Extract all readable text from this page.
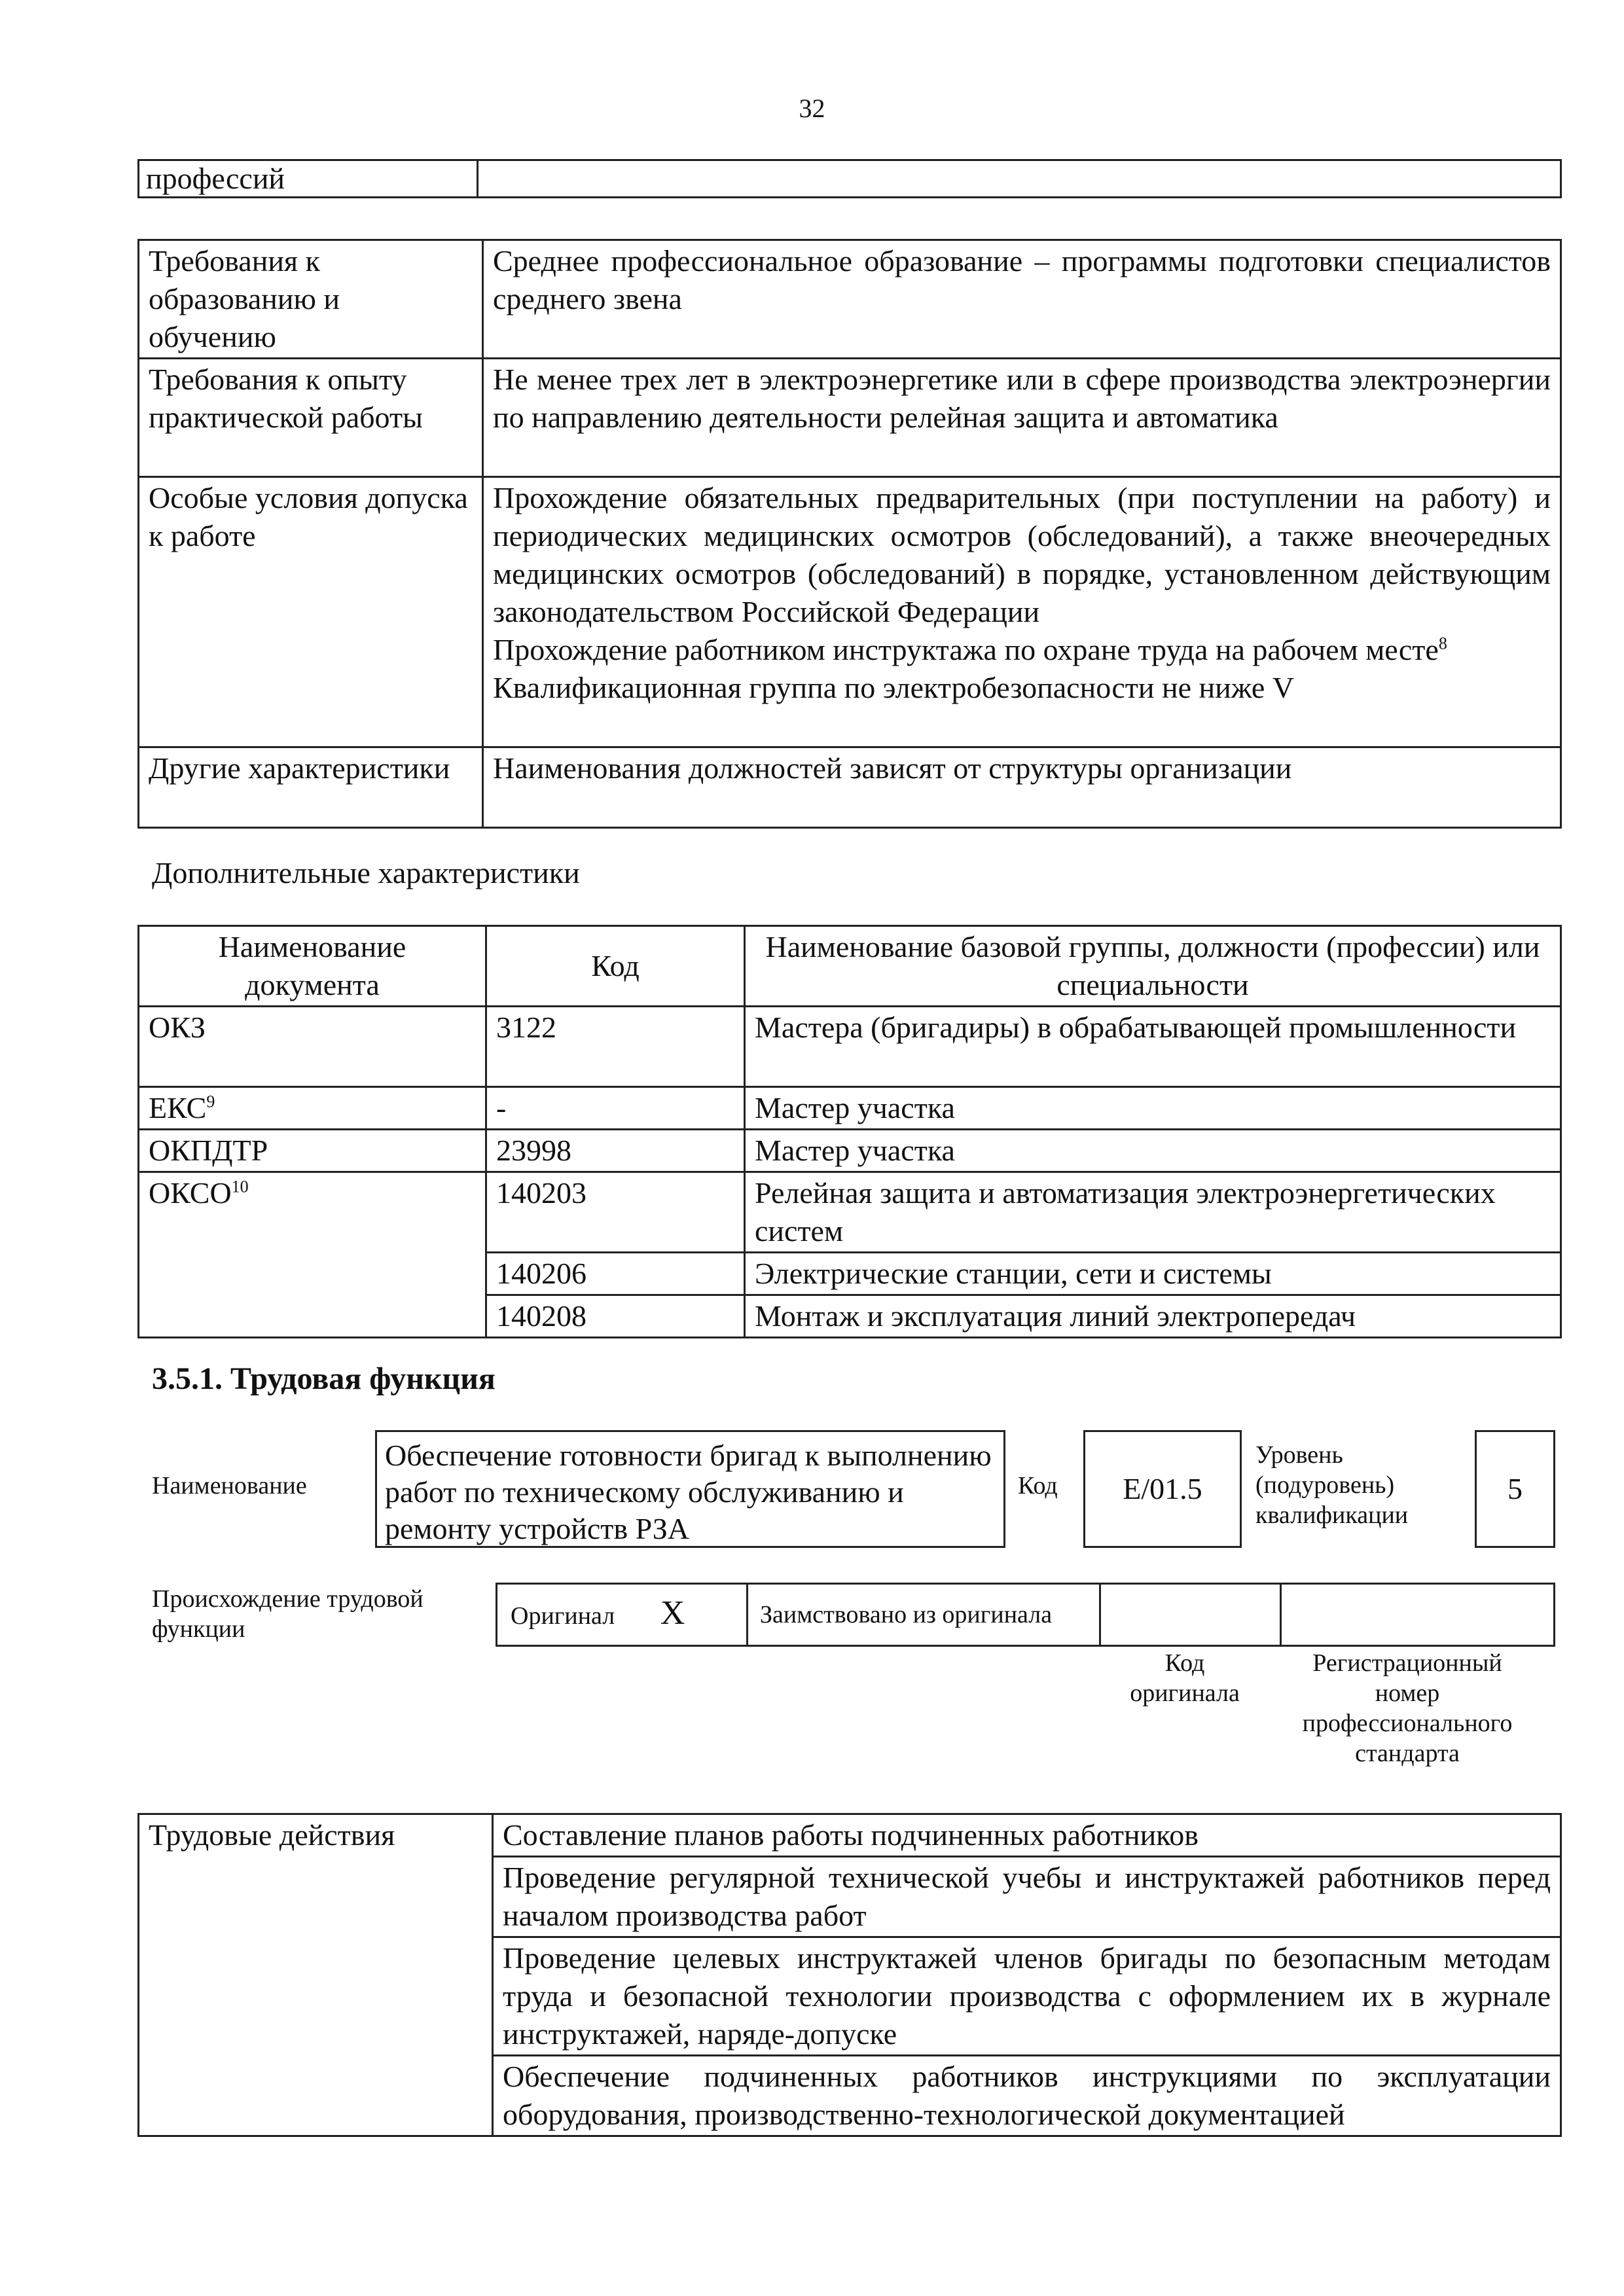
32
профессий	
Требования к образованию и обучению	Среднее профессиональное образование – программы подготовки специалистов среднего звена
Требования к опыту практической работы	Не менее трех лет в электроэнергетике или в сфере производства электроэнергии по направлению деятельности релейная защита и автоматика
Особые условия допуска к работе	Прохождение обязательных предварительных (при поступлении на работу) и периодических медицинских осмотров (обследований), а также внеочередных медицинских осмотров (обследований) в порядке, установленном действующим законодательством Российской Федерации

Прохождение работником инструктажа по охране труда на рабочем месте$^8$

Квалификационная группа по электробезопасности не ниже V

Другие характеристики	Наименования должностей зависят от структуры организации
Дополнительные характеристики
Наименование документа	Код	Наименование базовой группы, должности (профессии) или специальности
ОКЗ	3122	Мастера (бригадиры) в обрабатывающей промышленности
ЕКС$^9$	-	Мастер участка
ОКПДТР	23998	Мастер участка
ОКСО$^{10}$	140203	Релейная защита и автоматизация электроэнергетических систем
	140206	Электрические станции, сети и системы
	140208	Монтаж и эксплуатация линий электропередач
3.5.1. Трудовая функция
Наименование
Обеспечение готовности бригад к выполнению работ по техническому обслуживанию и ремонту устройств РЗА
Код	E/01.5
Уровень (подуровень) квалификации
5
Происхождение трудовой функции	Оригинал X	Заимствовано из оригинала		
Код оригинала
Регистрационный номер профессионального стандарта
Трудовые действия	Составление планов работы подчиненных работников
Проведение регулярной технической учебы и инструктажей работников перед началом производства работ
Проведение целевых инструктажей членов бригады по безопасным методам труда и безопасной технологии производства с оформлением их в журнале инструктажей, наряде-допуске
Обеспечение подчиненных работников инструкциями по эксплуатации оборудования, производственно-технологической документацией
